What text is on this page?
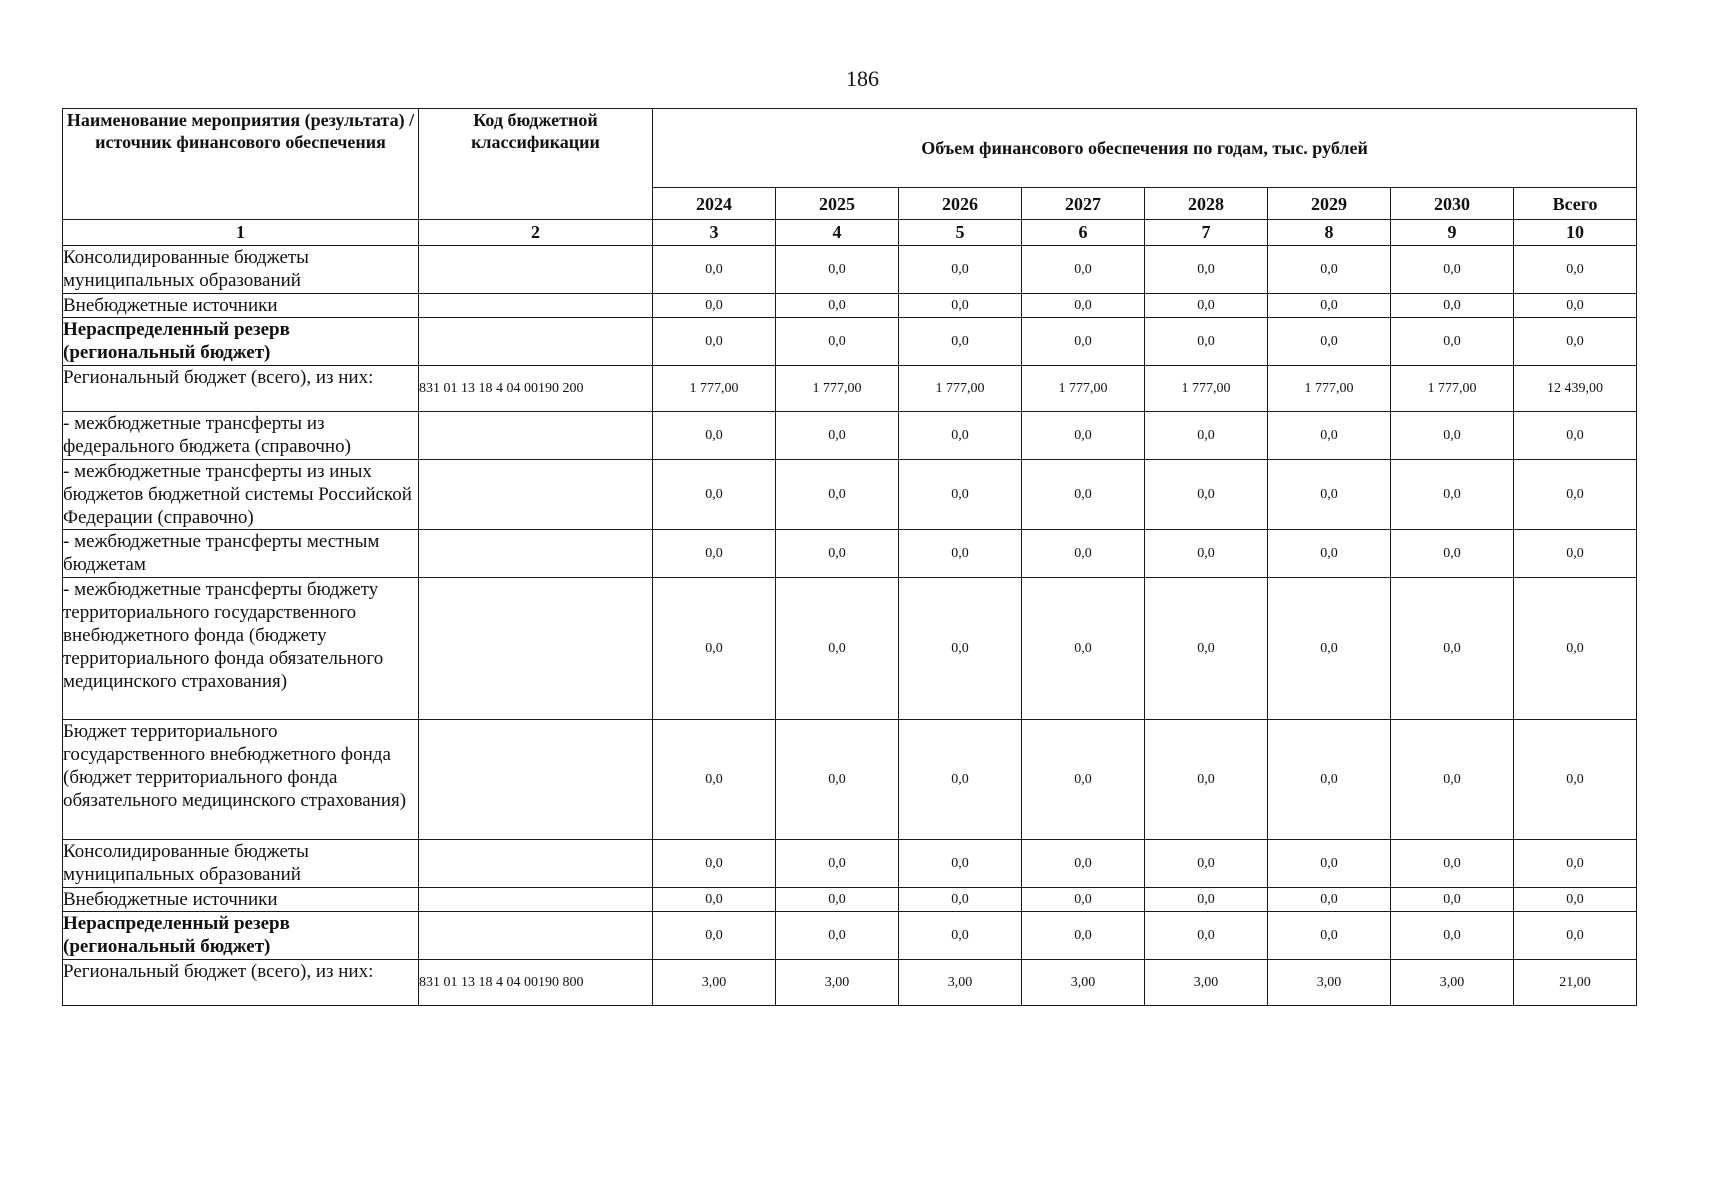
186
Наименование мероприятия (результата) /источник финансового обеспечения	Код бюджетной классификации	Объем финансового обеспечения по годам, тыс. рублей							
		2024	2025	2026	2027	2028	2029	2030	Всего
1	2	3	4	5	6	7	8	9	10
Консолидированные бюджеты муниципальных образований		0,0	0,0	0,0	0,0	0,0	0,0	0,0	0,0
Внебюджетные источники		0,0	0,0	0,0	0,0	0,0	0,0	0,0	0,0
Нераспределенный резерв (региональный бюджет)		0,0	0,0	0,0	0,0	0,0	0,0	0,0	0,0
Региональный бюджет (всего), из них:	831 01 13 18 4 04 00190 200	1 777,00	1 777,00	1 777,00	1 777,00	1 777,00	1 777,00	1 777,00	12 439,00
- межбюджетные трансферты из федерального бюджета (справочно)		0,0	0,0	0,0	0,0	0,0	0,0	0,0	0,0
- межбюджетные трансферты из иных бюджетов бюджетной системы Российской Федерации (справочно)		0,0	0,0	0,0	0,0	0,0	0,0	0,0	0,0
- межбюджетные трансферты местным бюджетам		0,0	0,0	0,0	0,0	0,0	0,0	0,0	0,0
- межбюджетные трансферты бюджету территориального государственного внебюджетного фонда (бюджету территориального фонда обязательного медицинского страхования)		0,0	0,0	0,0	0,0	0,0	0,0	0,0	0,0
Бюджет территориального государственного внебюджетного фонда (бюджет территориального фонда обязательного медицинского страхования)		0,0	0,0	0,0	0,0	0,0	0,0	0,0	0,0
Консолидированные бюджеты муниципальных образований		0,0	0,0	0,0	0,0	0,0	0,0	0,0	0,0
Внебюджетные источники		0,0	0,0	0,0	0,0	0,0	0,0	0,0	0,0
Нераспределенный резерв (региональный бюджет)		0,0	0,0	0,0	0,0	0,0	0,0	0,0	0,0
Региональный бюджет (всего), из них:	831 01 13 18 4 04 00190 800	3,00	3,00	3,00	3,00	3,00	3,00	3,00	21,00
